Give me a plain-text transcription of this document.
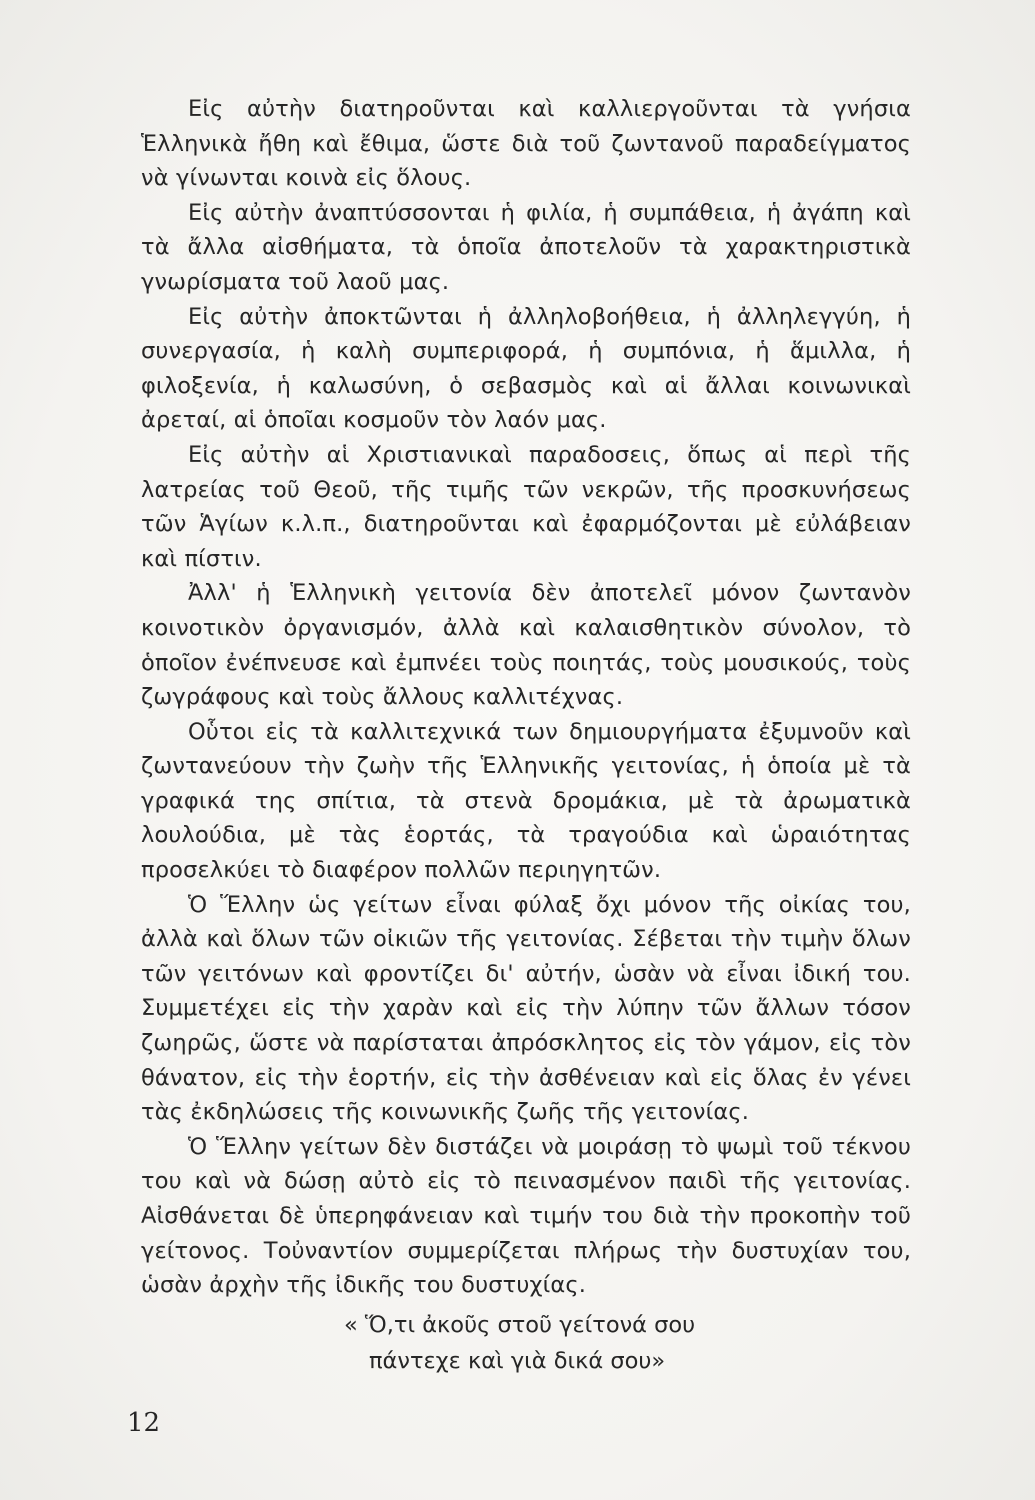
Εἰς αὐτὴν διατηροῦνται καὶ καλλιεργοῦνται τὰ γνήσια Ἑλληνικὰ ἤθη καὶ ἔθιμα, ὥστε διὰ τοῦ ζωντανοῦ παραδείγματος νὰ γίνωνται κοινὰ εἰς ὅλους.

Εἰς αὐτὴν ἀναπτύσσονται ἡ φιλία, ἡ συμπάθεια, ἡ ἀγάπη καὶ τὰ ἄλλα αἰσθήματα, τὰ ὁποῖα ἀποτελοῦν τὰ χαρακτηριστικὰ γνωρίσματα τοῦ λαοῦ μας.

Εἰς αὐτὴν ἀποκτῶνται ἡ ἀλληλοβοήθεια, ἡ ἀλληλεγγύη, ἡ συνεργασία, ἡ καλὴ συμπεριφορά, ἡ συμπόνια, ἡ ἅμιλλα, ἡ φιλοξενία, ἡ καλωσύνη, ὁ σεβασμὸς καὶ αἱ ἄλλαι κοινωνικαὶ ἀρεταί, αἱ ὁποῖαι κοσμοῦν τὸν λαόν μας.

Εἰς αὐτὴν αἱ Χριστιανικαὶ παραδοσεις, ὅπως αἱ περὶ τῆς λατρείας τοῦ Θεοῦ, τῆς τιμῆς τῶν νεκρῶν, τῆς προσκυνήσεως τῶν Ἁγίων κ.λ.π., διατηροῦνται καὶ ἐφαρμόζονται μὲ εὐλάβειαν καὶ πίστιν.

Ἀλλ' ἡ Ἑλληνικὴ γειτονία δὲν ἀποτελεῖ μόνον ζωντανὸν κοινοτικὸν ὀργανισμόν, ἀλλὰ καὶ καλαισθητικὸν σύνολον, τὸ ὁποῖον ἐνέπνευσε καὶ ἐμπνέει τοὺς ποιητάς, τοὺς μουσικούς, τοὺς ζωγράφους καὶ τοὺς ἄλλους καλλιτέχνας.

Οὗτοι εἰς τὰ καλλιτεχνικά των δημιουργήματα ἐξυμνοῦν καὶ ζωντανεύουν τὴν ζωὴν τῆς Ἑλληνικῆς γειτονίας, ἡ ὁποία μὲ τὰ γραφικά της σπίτια, τὰ στενὰ δρομάκια, μὲ τὰ ἀρωματικὰ λουλούδια, μὲ τὰς ἑορτάς, τὰ τραγούδια καὶ ὡραιότητας προσελκύει τὸ διαφέρον πολλῶν περιηγητῶν.

Ὁ Ἕλλην ὡς γείτων εἶναι φύλαξ ὄχι μόνον τῆς οἰκίας του, ἀλλὰ καὶ ὅλων τῶν οἰκιῶν τῆς γειτονίας. Σέβεται τὴν τιμὴν ὅλων τῶν γειτόνων καὶ φροντίζει δι' αὐτήν, ὡσὰν νὰ εἶναι ἰδική του. Συμμετέχει εἰς τὴν χαρὰν καὶ εἰς τὴν λύπην τῶν ἄλλων τόσον ζωηρῶς, ὥστε νὰ παρίσταται ἀπρόσκλητος εἰς τὸν γάμον, εἰς τὸν θάνατον, εἰς τὴν ἑορτήν, εἰς τὴν ἀσθένειαν καὶ εἰς ὅλας ἐν γένει τὰς ἐκδηλώσεις τῆς κοινωνικῆς ζωῆς τῆς γειτονίας.

Ὁ Ἕλλην γείτων δὲν διστάζει νὰ μοιράσῃ τὸ ψωμὶ τοῦ τέκνου του καὶ νὰ δώσῃ αὐτὸ εἰς τὸ πεινασμένον παιδὶ τῆς γειτονίας. Αἰσθάνεται δὲ ὑπερηφάνειαν καὶ τιμήν του διὰ τὴν προκοπὴν τοῦ γείτονος. Τοὐναντίον συμμερίζεται πλήρως τὴν δυστυχίαν του, ὡσὰν ἀρχὴν τῆς ἰδικῆς του δυστυχίας.

« Ὅ,τι ἀκοῦς στοῦ γείτονά σου
πάντεχε καὶ γιὰ δικά σου»
12
